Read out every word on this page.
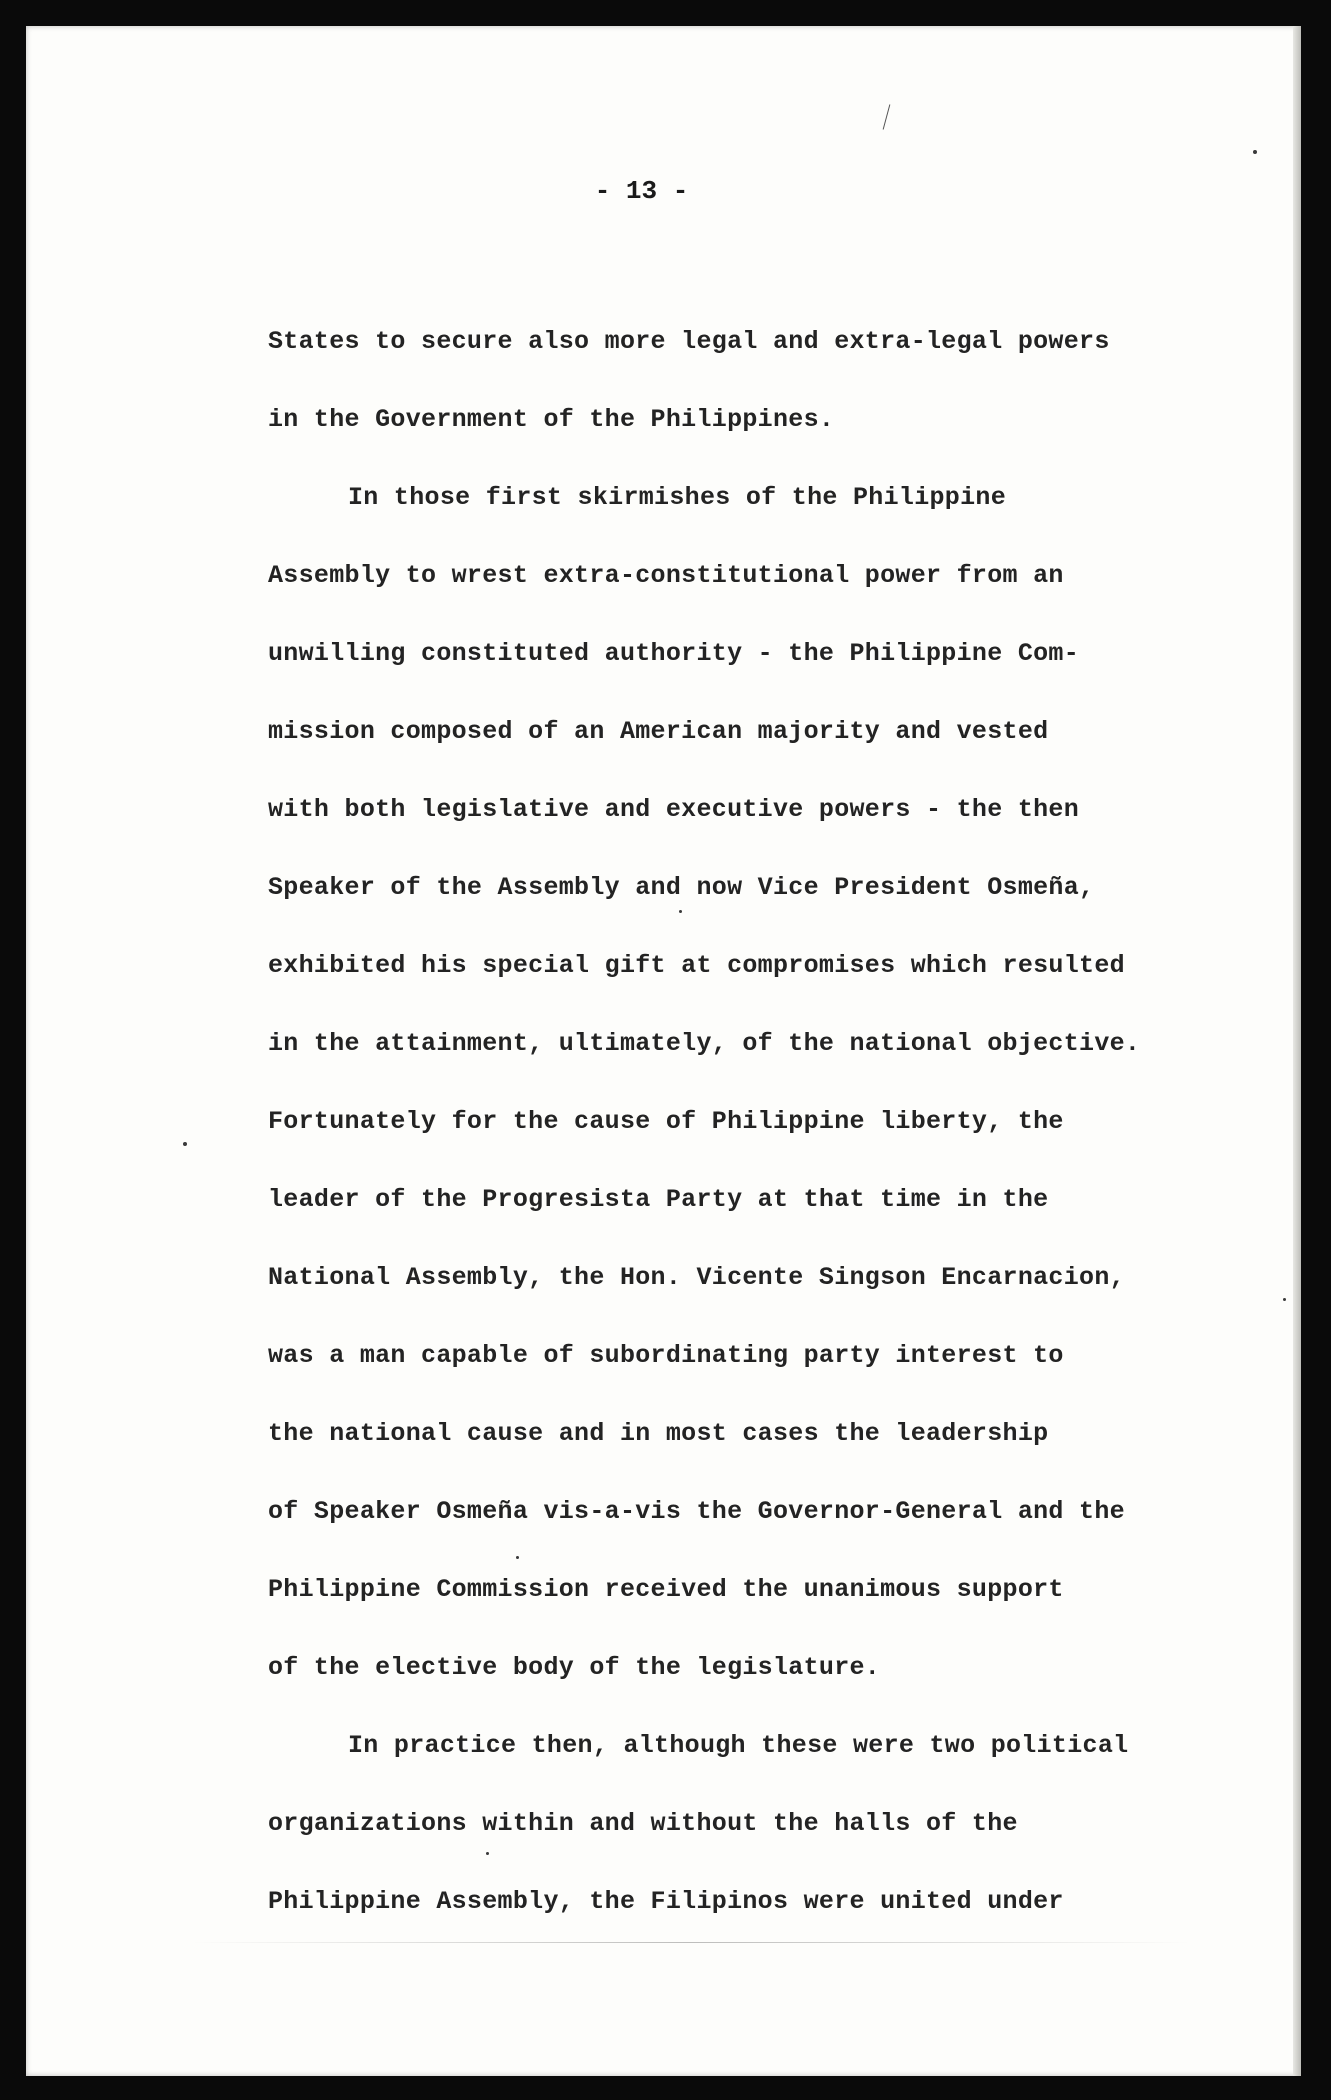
- 13 -
States to secure also more legal and extra-legal powers
in the Government of the Philippines.
In those first skirmishes of the Philippine
Assembly to wrest extra-constitutional power from an
unwilling constituted authority - the Philippine Com-
mission composed of an American majority and vested
with both legislative and executive powers - the then
Speaker of the Assembly and now Vice President Osmeña,
exhibited his special gift at compromises which resulted
in the attainment, ultimately, of the national objective.
Fortunately for the cause of Philippine liberty, the
leader of the Progresista Party at that time in the
National Assembly, the Hon. Vicente Singson Encarnacion,
was a man capable of subordinating party interest to
the national cause and in most cases the leadership
of Speaker Osmeña vis-a-vis the Governor-General and the
Philippine Commission received the unanimous support
of the elective body of the legislature.
In practice then, although these were two political
organizations within and without the halls of the
Philippine Assembly, the Filipinos were united under
